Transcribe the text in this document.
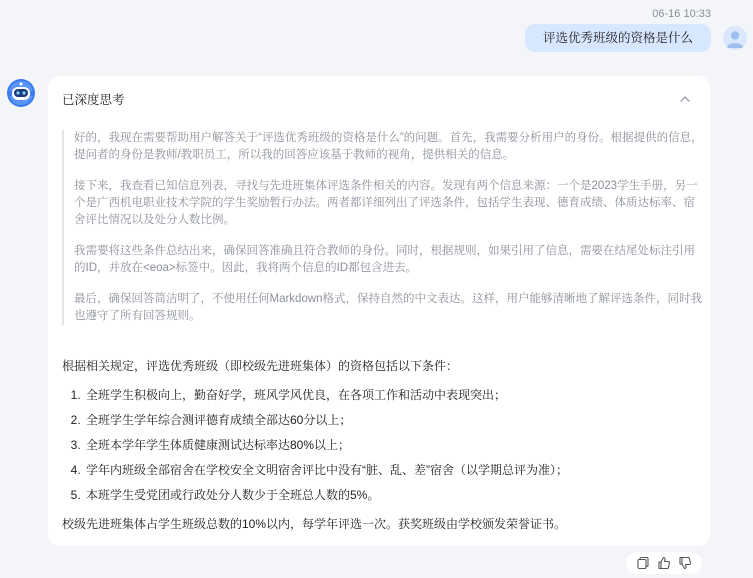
06-16 10:33
评选优秀班级的资格是什么
已深度思考

好的，我现在需要帮助用户解答关于“评选优秀班级的资格是什么”的问题。首先，我需要分析用户的身份。根据提供的信息，提问者的身份是教师/教职员工，所以我的回答应该基于教师的视角，提供相关的信息。

接下来，我查看已知信息列表，寻找与先进班集体评选条件相关的内容。发现有两个信息来源：一个是2023学生手册，另一个是广西机电职业技术学院的学生奖励暂行办法。两者都详细列出了评选条件，包括学生表现、德育成绩、体质达标率、宿舍评比情况以及处分人数比例。

我需要将这些条件总结出来，确保回答准确且符合教师的身份。同时，根据规则，如果引用了信息，需要在结尾处标注引用的ID，并放在<eoa>标签中。因此，我将两个信息的ID都包含进去。

最后，确保回答简洁明了，不使用任何Markdown格式，保持自然的中文表达。这样，用户能够清晰地了解评选条件，同时我也遵守了所有回答规则。

根据相关规定，评选优秀班级（即校级先进班集体）的资格包括以下条件：

1. 全班学生积极向上，勤奋好学，班风学风优良，在各项工作和活动中表现突出；
2. 全班学生学年综合测评德育成绩全部达60分以上；
3. 全班本学年学生体质健康测试达标率达80%以上；
4. 学年内班级全部宿舍在学校安全文明宿舍评比中没有“脏、乱、差”宿舍（以学期总评为准）；
5. 本班学生受党团或行政处分人数少于全班总人数的5%。

校级先进班集体占学生班级总数的10%以内，每学年评选一次。获奖班级由学校颁发荣誉证书。
